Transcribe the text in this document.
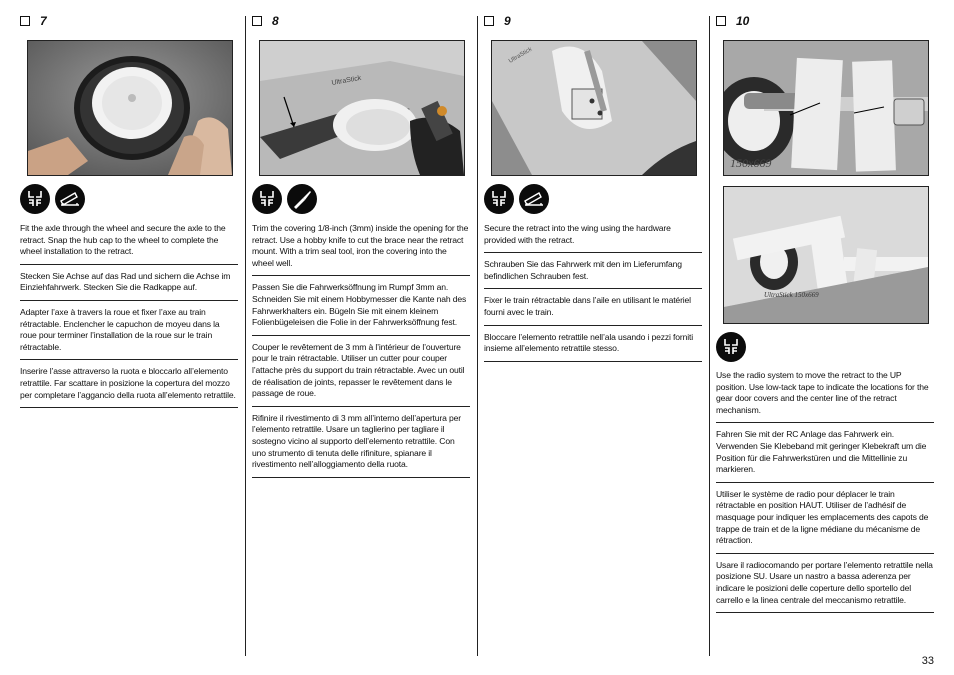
7

Fit the axle through the wheel and secure the axle to the retract. Snap the hub cap to the wheel to complete the wheel installation to the retract.

Stecken Sie Achse auf das Rad und sichern die Achse im Einziehfahrwerk. Stecken Sie die Radkappe auf.

Adapter l’axe à travers la roue et fixer l’axe au train rétractable. Enclencher le capuchon de moyeu dans la roue pour terminer l’installation de la roue sur le train rétractable.

Inserire l’asse attraverso la ruota e bloccarlo all’elemento retrattile. Far scattare in posizione la copertura del mozzo per completare l’aggancio della ruota all’elemento retrattile.

8
UltraStick

Trim the covering 1/8-inch (3mm) inside the opening for the retract. Use a hobby knife to cut the brace near the retract mount. With a trim seal tool, iron the covering into the wheel well.

Passen Sie die Fahrwerksöffnung im Rumpf 3mm an. Schneiden Sie mit einem Hobbymesser die Kante nah des Fahrwerkhalters ein. Bügeln Sie mit einem kleinem Folienbügeleisen die Folie in der Fahrwerksöffnung fest.

Couper le revêtement de 3 mm à l’intérieur de l’ouverture pour le train rétractable. Utiliser un cutter pour couper l’attache près du support du train rétractable. Avec un outil de réalisation de joints, repasser le revêtement dans le passage de roue.

Rifinire il rivestimento di 3 mm all’interno dell’apertura per l’elemento retrattile. Usare un taglierino per tagliare il sostegno vicino al supporto dell’elemento retrattile. Con uno strumento di tenuta delle rifiniture, spianare il rivestimento nell’alloggiamento della ruota.

9
UltraStick

Secure the retract into the wing using the hardware provided with the retract.

Schrauben Sie das Fahrwerk mit den im Lieferumfang befindlichen Schrauben fest.

Fixer le train rétractable dans l’aile en utilisant le matériel fourni avec le train.

Bloccare l’elemento retrattile nell’ala usando i pezzi forniti insieme all’elemento retrattile stesso.

10
150x669
UltraStick 150x669

Use the radio system to move the retract to the UP position. Use low-tack tape to indicate the locations for the gear door covers and the center line of the retract mechanism.

Fahren Sie mit der RC Anlage das Fahrwerk ein. Verwenden Sie Klebeband mit geringer Klebekraft um die Position für die Fahrwerkstüren und die Mittellinie zu markieren.

Utiliser le système de radio pour déplacer le train rétractable en position HAUT. Utiliser de l’adhésif de masquage pour indiquer les emplacements des capots de trappe de train et de la ligne médiane du mécanisme de rétraction.

Usare il radiocomando per portare l’elemento retrattile nella posizione SU. Usare un nastro a bassa aderenza per indicare le posizioni delle coperture dello sportello del carrello e la linea centrale del meccanismo retrattile.

33
